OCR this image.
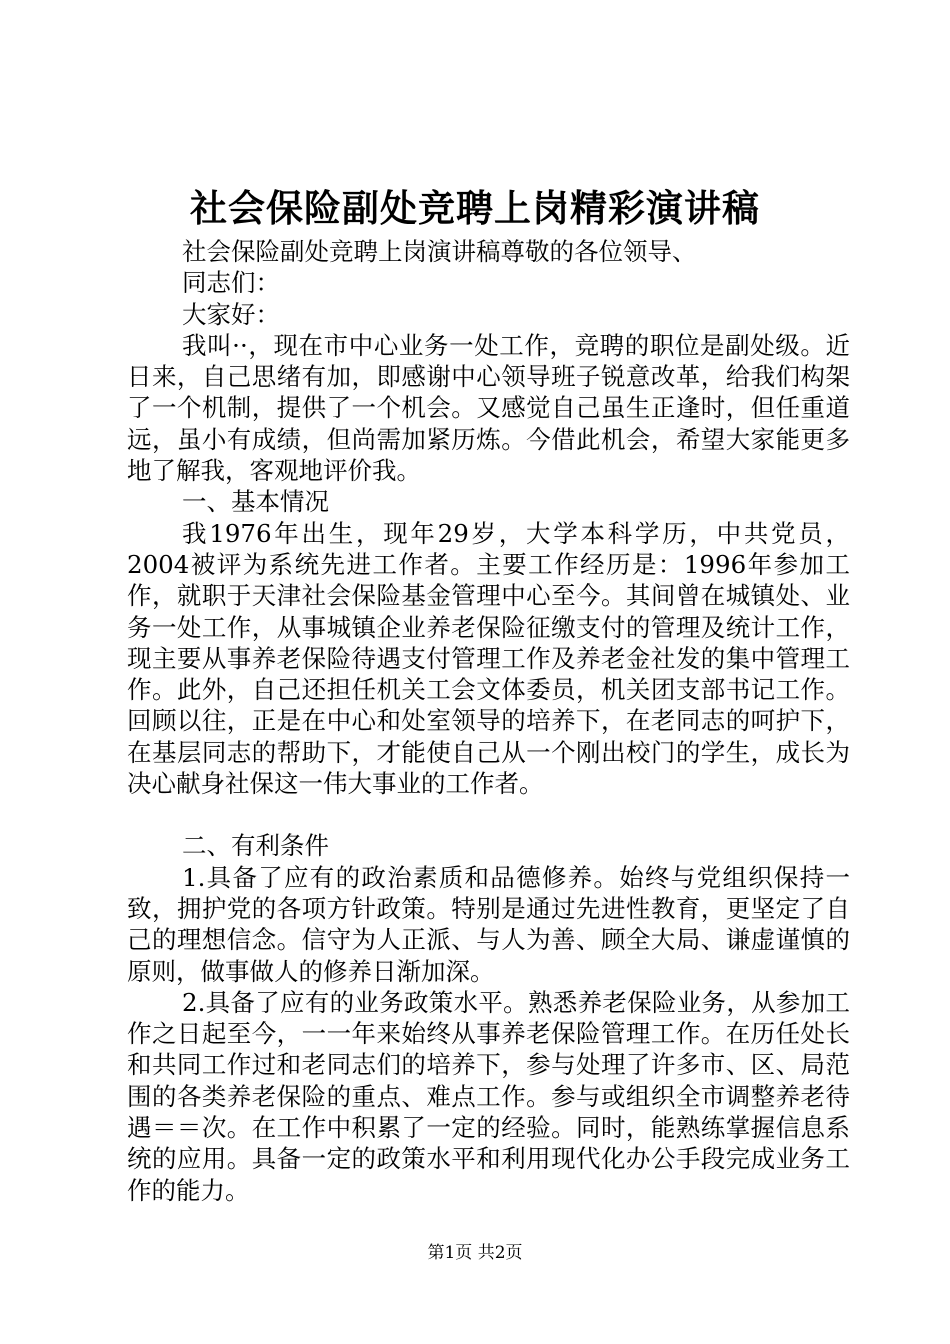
社会保险副处竞聘上岗精彩演讲稿

社会保险副处竞聘上岗演讲稿尊敬的各位领导、

同志们：

大家好：

我叫··，现在市中心业务一处工作，竞聘的职位是副处级。近日来，自己思绪有加，即感谢中心领导班子锐意改革，给我们构架了一个机制，提供了一个机会。又感觉自己虽生正逢时，但任重道远，虽小有成绩，但尚需加紧历炼。今借此机会，希望大家能更多地了解我，客观地评价我。

一、基本情况

我1976年出生，现年29岁，大学本科学历，中共党员，2004被评为系统先进工作者。主要工作经历是：1996年参加工作，就职于天津社会保险基金管理中心至今。其间曾在城镇处、业务一处工作，从事城镇企业养老保险征缴支付的管理及统计工作，现主要从事养老保险待遇支付管理工作及养老金社发的集中管理工作。此外，自己还担任机关工会文体委员，机关团支部书记工作。回顾以往，正是在中心和处室领导的培养下，在老同志的呵护下，在基层同志的帮助下，才能使自己从一个刚出校门的学生，成长为决心献身社保这一伟大事业的工作者。

二、有利条件

1.具备了应有的政治素质和品德修养。始终与党组织保持一致，拥护党的各项方针政策。特别是通过先进性教育，更坚定了自己的理想信念。信守为人正派、与人为善、顾全大局、谦虚谨慎的原则，做事做人的修养日渐加深。

2.具备了应有的业务政策水平。熟悉养老保险业务，从参加工作之日起至今，一一年来始终从事养老保险管理工作。在历任处长和共同工作过和老同志们的培养下，参与处理了许多市、区、局范围的各类养老保险的重点、难点工作。参与或组织全市调整养老待遇＝＝次。在工作中积累了一定的经验。同时，能熟练掌握信息系统的应用。具备一定的政策水平和利用现代化办公手段完成业务工作的能力。

第1页 共2页
